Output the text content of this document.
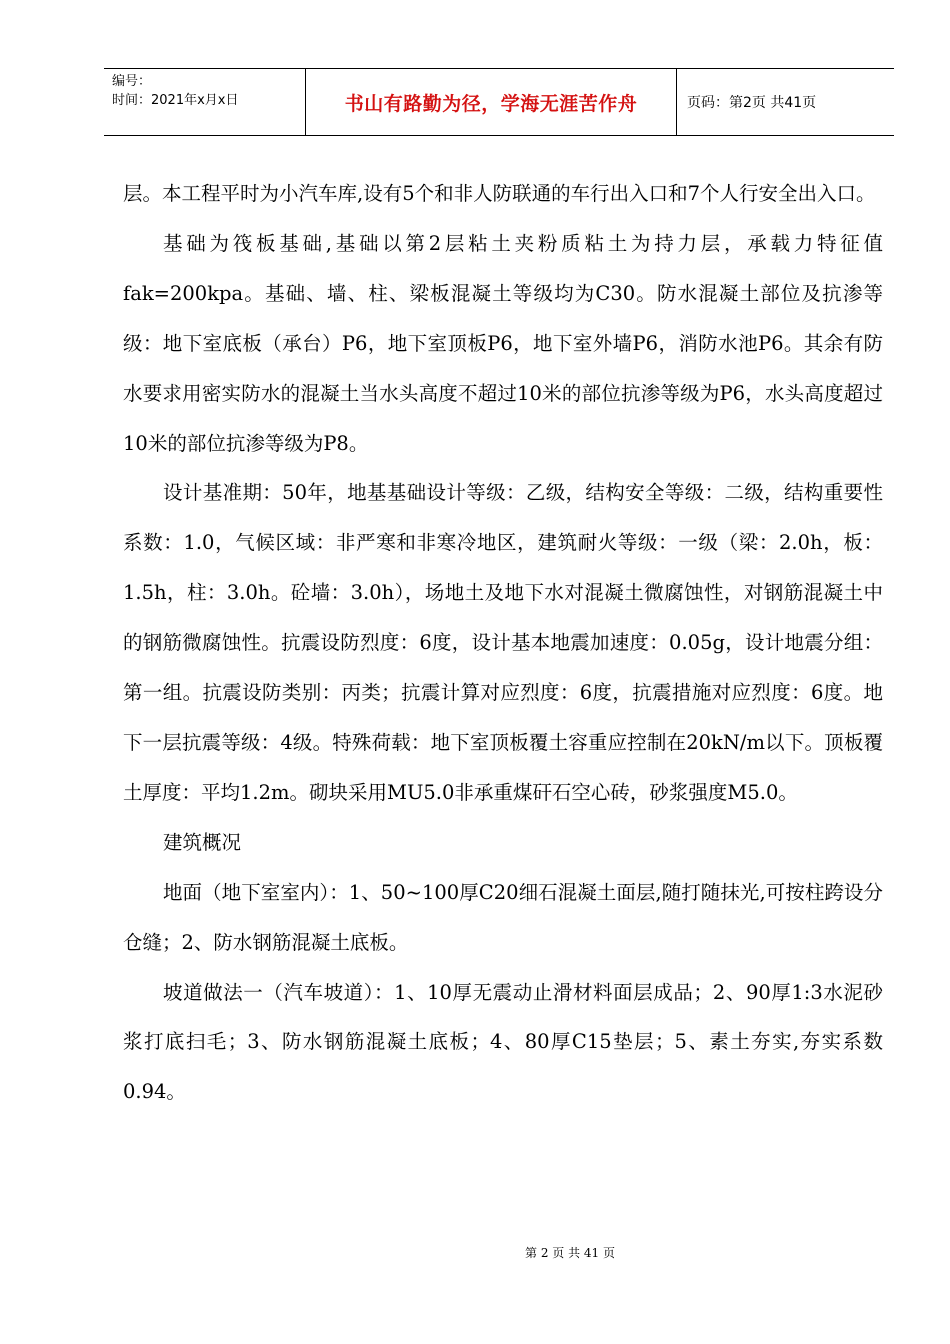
编号：
时间：2021年x月x日	书山有路勤为径，学海无涯苦作舟	页码：第2页 共41页

层。本工程平时为小汽车库,设有5个和非人防联通的车行出入口和7个人行安全出入口。

基础为筏板基础,基础以第2层粘土夹粉质粘土为持力层，承载力特征值fak=200kpa。基础、墙、柱、梁板混凝土等级均为C30。防水混凝土部位及抗渗等级：地下室底板（承台）P6，地下室顶板P6，地下室外墙P6，消防水池P6。其余有防水要求用密实防水的混凝土当水头高度不超过10米的部位抗渗等级为P6，水头高度超过10米的部位抗渗等级为P8。

设计基准期：50年，地基基础设计等级：乙级，结构安全等级：二级，结构重要性系数：1.0，气候区域：非严寒和非寒冷地区，建筑耐火等级：一级（梁：2.0h，板：1.5h，柱：3.0h。砼墙：3.0h），场地土及地下水对混凝土微腐蚀性，对钢筋混凝土中的钢筋微腐蚀性。抗震设防烈度：6度，设计基本地震加速度：0.05g，设计地震分组：第一组。抗震设防类别：丙类；抗震计算对应烈度：6度，抗震措施对应烈度：6度。地下一层抗震等级：4级。特殊荷载：地下室顶板覆土容重应控制在20kN/m以下。顶板覆土厚度：平均1.2m。砌块采用MU5.0非承重煤矸石空心砖，砂浆强度M5.0。

建筑概况

地面（地下室室内）：1、50~100厚C20细石混凝土面层,随打随抹光,可按柱跨设分仓缝；2、防水钢筋混凝土底板。

坡道做法一（汽车坡道）：1、10厚无震动止滑材料面层成品；2、90厚1:3水泥砂浆打底扫毛；3、防水钢筋混凝土底板；4、80厚C15垫层；5、素土夯实,夯实系数0.94。

第 2 页 共 41 页
